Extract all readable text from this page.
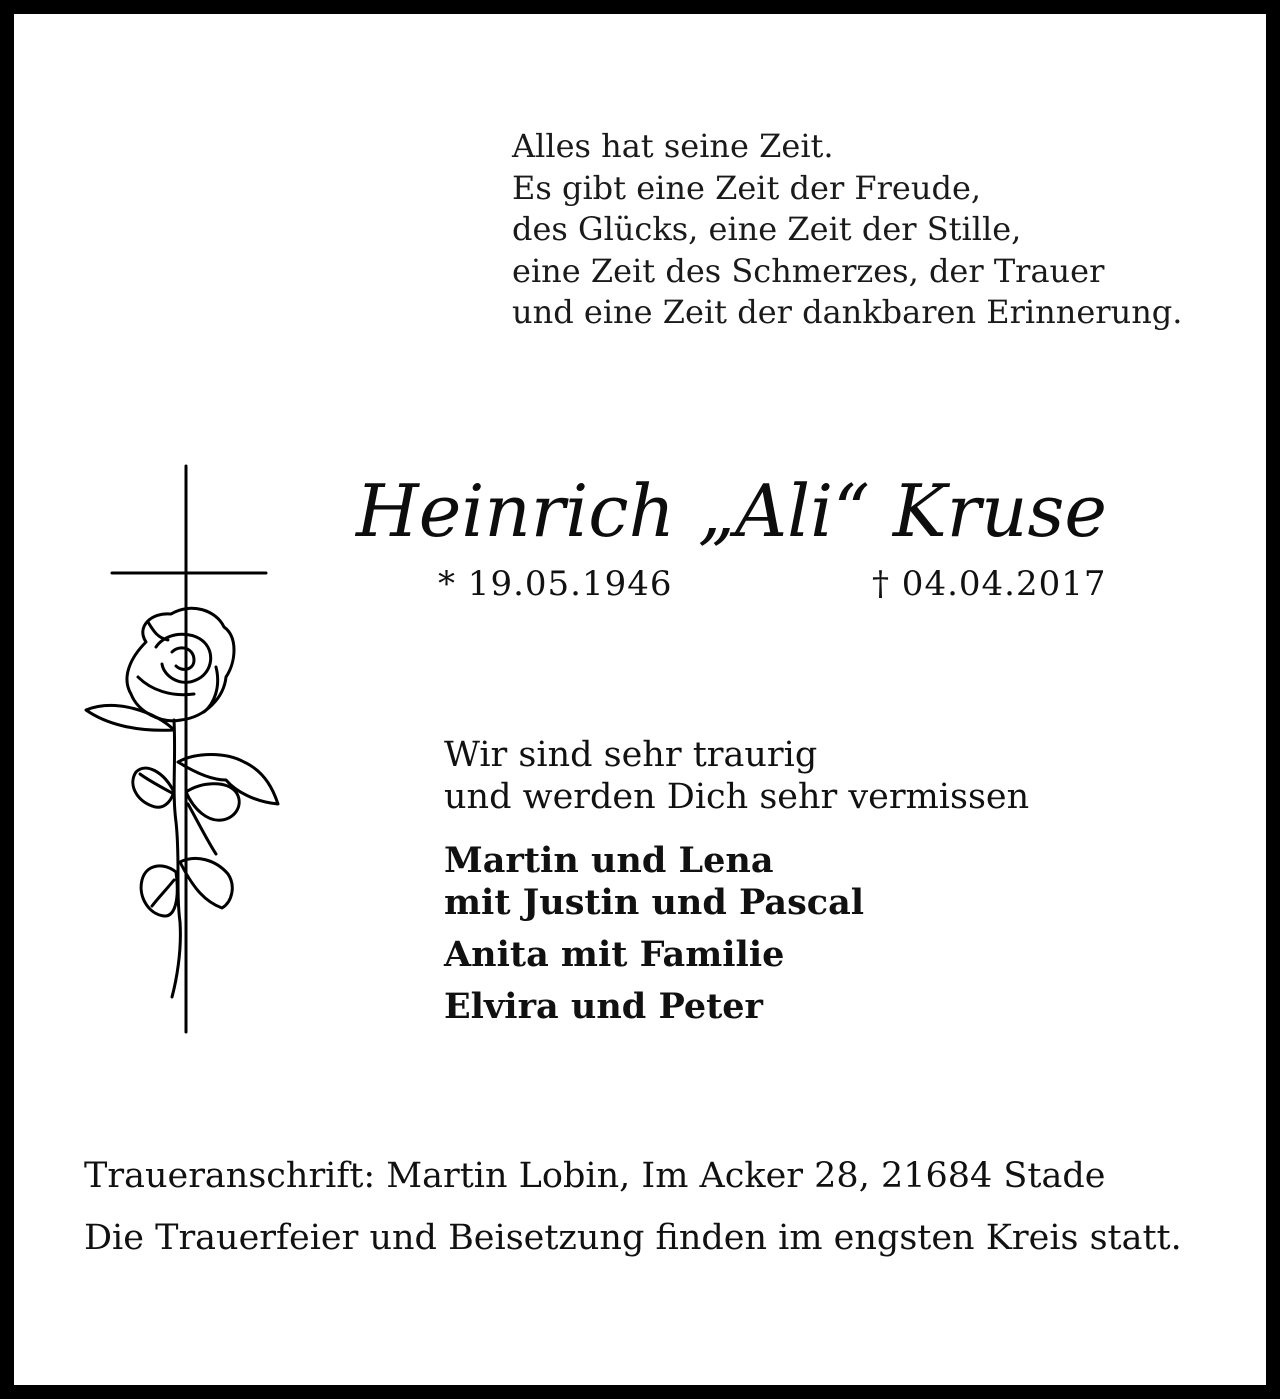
Alles hat seine Zeit.
Es gibt eine Zeit der Freude,
des Glücks, eine Zeit der Stille,
eine Zeit des Schmerzes, der Trauer
und eine Zeit der dankbaren Erinnerung.
Heinrich „Ali“ Kruse
* 19.05.1946	† 04.04.2017
Wir sind sehr traurig
und werden Dich sehr vermissen
Martin und Lena
mit Justin und Pascal
Anita mit Familie
Elvira und Peter
Traueranschrift: Martin Lobin, Im Acker 28, 21684 Stade
Die Trauerfeier und Beisetzung finden im engsten Kreis statt.
